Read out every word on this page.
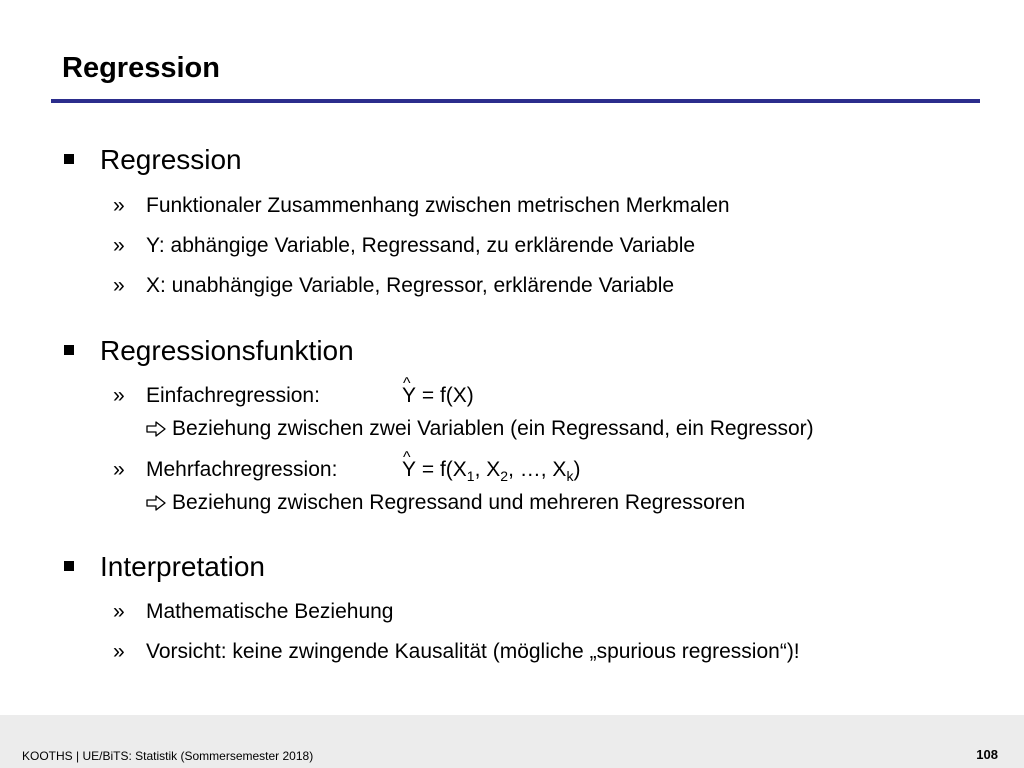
Regression
Regression
» Funktionaler Zusammenhang zwischen metrischen Merkmalen
» Y: abhängige Variable, Regressand, zu erklärende Variable
» X: unabhängige Variable, Regressor, erklärende Variable
Regressionsfunktion
» Einfachregression:	^ Y = f(X)
Beziehung zwischen zwei Variablen (ein Regressand, ein Regressor)
» Mehrfachregression:	^ $Y = f(X_1$, $X_2$, …, $X_k$)
Beziehung zwischen Regressand und mehreren Regressoren
Interpretation
» Mathematische Beziehung
» Vorsicht: keine zwingende Kausalität (mögliche „spurious regression“)!
KOOTHS | UE/BiTS: Statistik (Sommersemester 2018)	108
